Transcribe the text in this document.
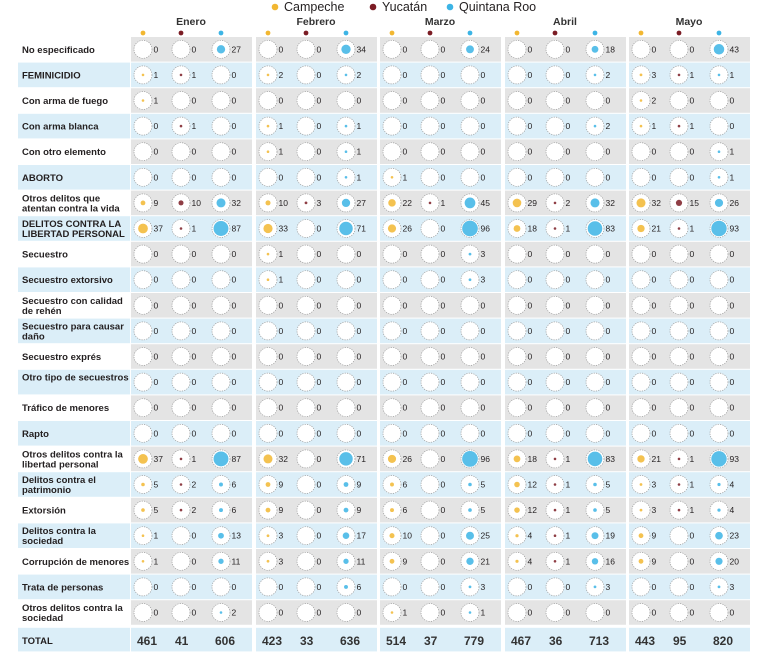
Campeche	Yucatán	Quintana Roo
Enero	Febrero	Marzo	Abril	Mayo
No especificado	0	0	27	0	0	34	0	0	24	0	0	18	0	0	43
FEMINICIDIO	1	1	0	2	0	2	0	0	0	0	0	2	3	1	1
Con arma de fuego	1	0	0	0	0	0	0	0	0	0	0	0	2	0	0
Con arma blanca	0	1	0	1	0	1	0	0	0	0	0	2	1	1	0
Con otro elemento	0	0	0	1	0	1	0	0	0	0	0	0	0	0	1
ABORTO	0	0	0	0	0	1	1	0	0	0	0	0	0	0	1
Otros delitos que
atentan contra la vida
9	10	32	10	3	27	22	1	45	29	2	32	32	15	26
DELITOS CONTRA LA
LIBERTAD PERSONAL
37	1	87	33	0	71	26	0	96	18	1	83	21	1	93
Secuestro	0	0	0	1	0	0	0	0	3	0	0	0	0	0	0
Secuestro extorsivo	0	0	0	1	0	0	0	0	3	0	0	0	0	0	0
Secuestro con calidad
de rehén
0	0	0	0	0	0	0	0	0	0	0	0	0	0	0
Secuestro para causar
daño
0	0	0	0	0	0	0	0	0	0	0	0	0	0	0
Secuestro exprés	0	0	0	0	0	0	0	0	0	0	0	0	0	0	0
Otro tipo de secuestros	0	0	0	0	0	0	0	0	0	0	0	0	0	0	0
Tráfico de menores	0	0	0	0	0	0	0	0	0	0	0	0	0	0	0
Rapto	0	0	0	0	0	0	0	0	0	0	0	0	0	0	0
Otros delitos contra la
libertad personal
37	1	87	32	0	71	26	0	96	18	1	83	21	1	93
Delitos contra el
patrimonio
5	2	6	9	0	9	6	0	5	12	1	5	3	1	4
Extorsión	5	2	6	9	0	9	6	0	5	12	1	5	3	1	4
Delitos contra la
sociedad
1	0	13	3	0	17	10	0	25	4	1	19	9	0	23
Corrupción de menores	1	0	11	3	0	11	9	0	21	4	1	16	9	0	20
Trata de personas	0	0	0	0	0	6	0	0	3	0	0	3	0	0	3
Otros delitos contra la
sociedad
0	0	2	0	0	0	1	0	1	0	0	0	0	0	0
TOTAL	461 41 606 423 33 636 514 37 779 467 36 713 443 95 820
